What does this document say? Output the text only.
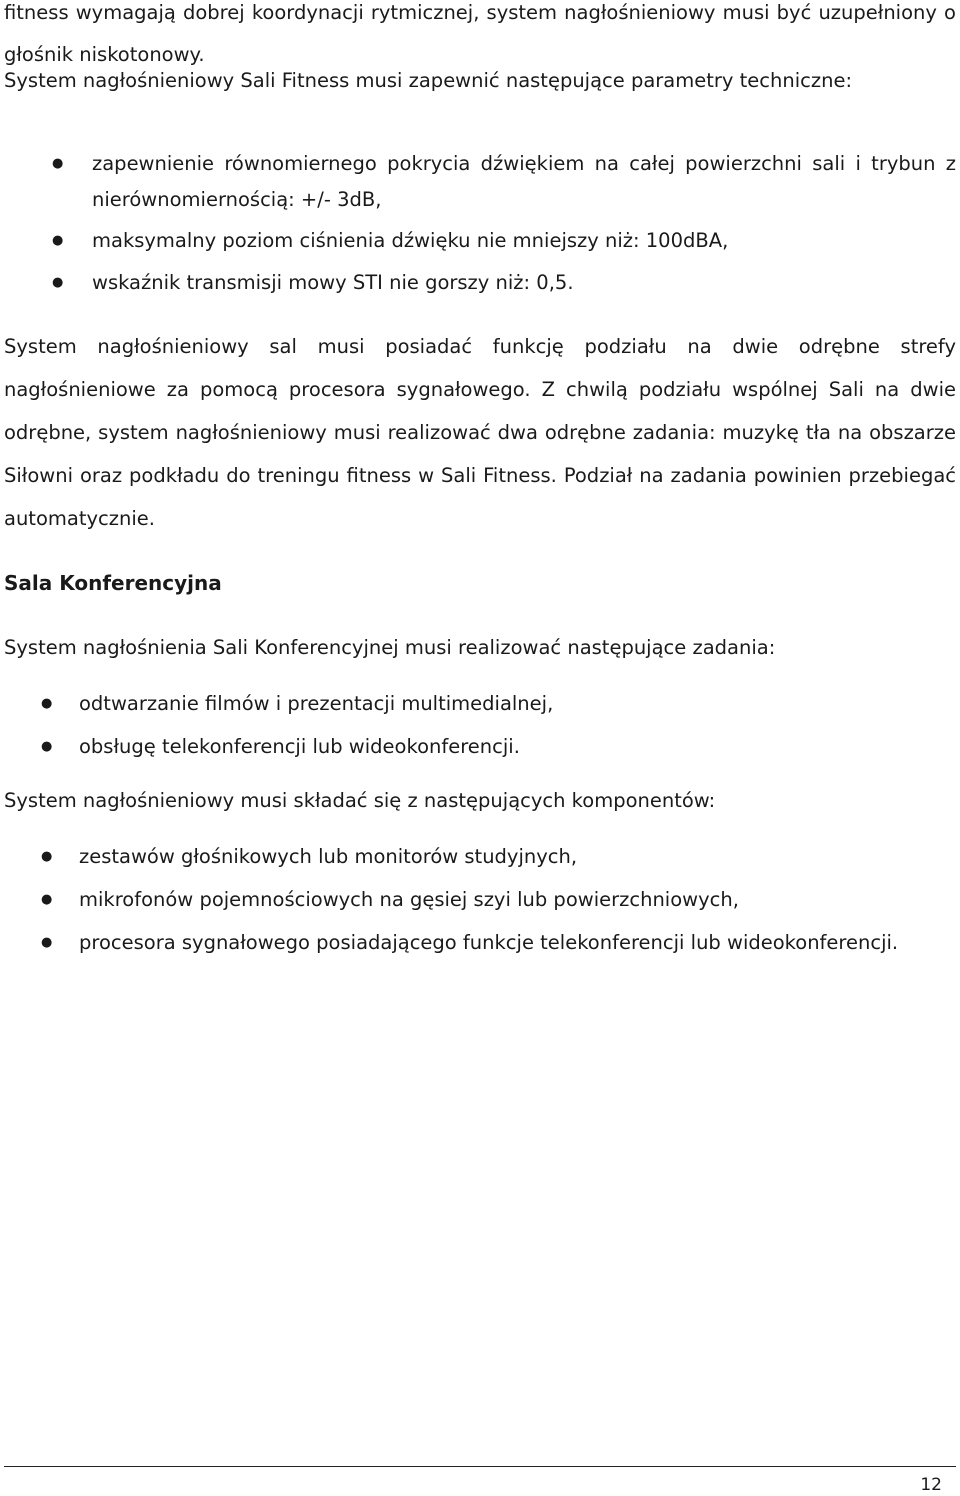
fitness wymagają dobrej koordynacji rytmicznej, system nagłośnieniowy musi być uzupełniony o głośnik niskotonowy.

System nagłośnieniowy Sali Fitness musi zapewnić następujące parametry techniczne:

● zapewnienie równomiernego pokrycia dźwiękiem na całej powierzchni sali i trybun z nierównomiernością: +/- 3dB,
● maksymalny poziom ciśnienia dźwięku nie mniejszy niż: 100dBA,
● wskaźnik transmisji mowy STI nie gorszy niż: 0,5.

System nagłośnieniowy sal musi posiadać funkcję podziału na dwie odrębne strefy nagłośnieniowe za pomocą procesora sygnałowego. Z chwilą podziału wspólnej Sali na dwie odrębne, system nagłośnieniowy musi realizować dwa odrębne zadania: muzykę tła na obszarze Siłowni oraz podkładu do treningu fitness w Sali Fitness. Podział na zadania powinien przebiegać automatycznie.

Sala Konferencyjna

System nagłośnienia Sali Konferencyjnej musi realizować następujące zadania:

● odtwarzanie filmów i prezentacji multimedialnej,
● obsługę telekonferencji lub wideokonferencji.

System nagłośnieniowy musi składać się z następujących komponentów:

● zestawów głośnikowych lub monitorów studyjnych,
● mikrofonów pojemnościowych na gęsiej szyi lub powierzchniowych,
● procesora sygnałowego posiadającego funkcje telekonferencji lub wideokonferencji.
12
